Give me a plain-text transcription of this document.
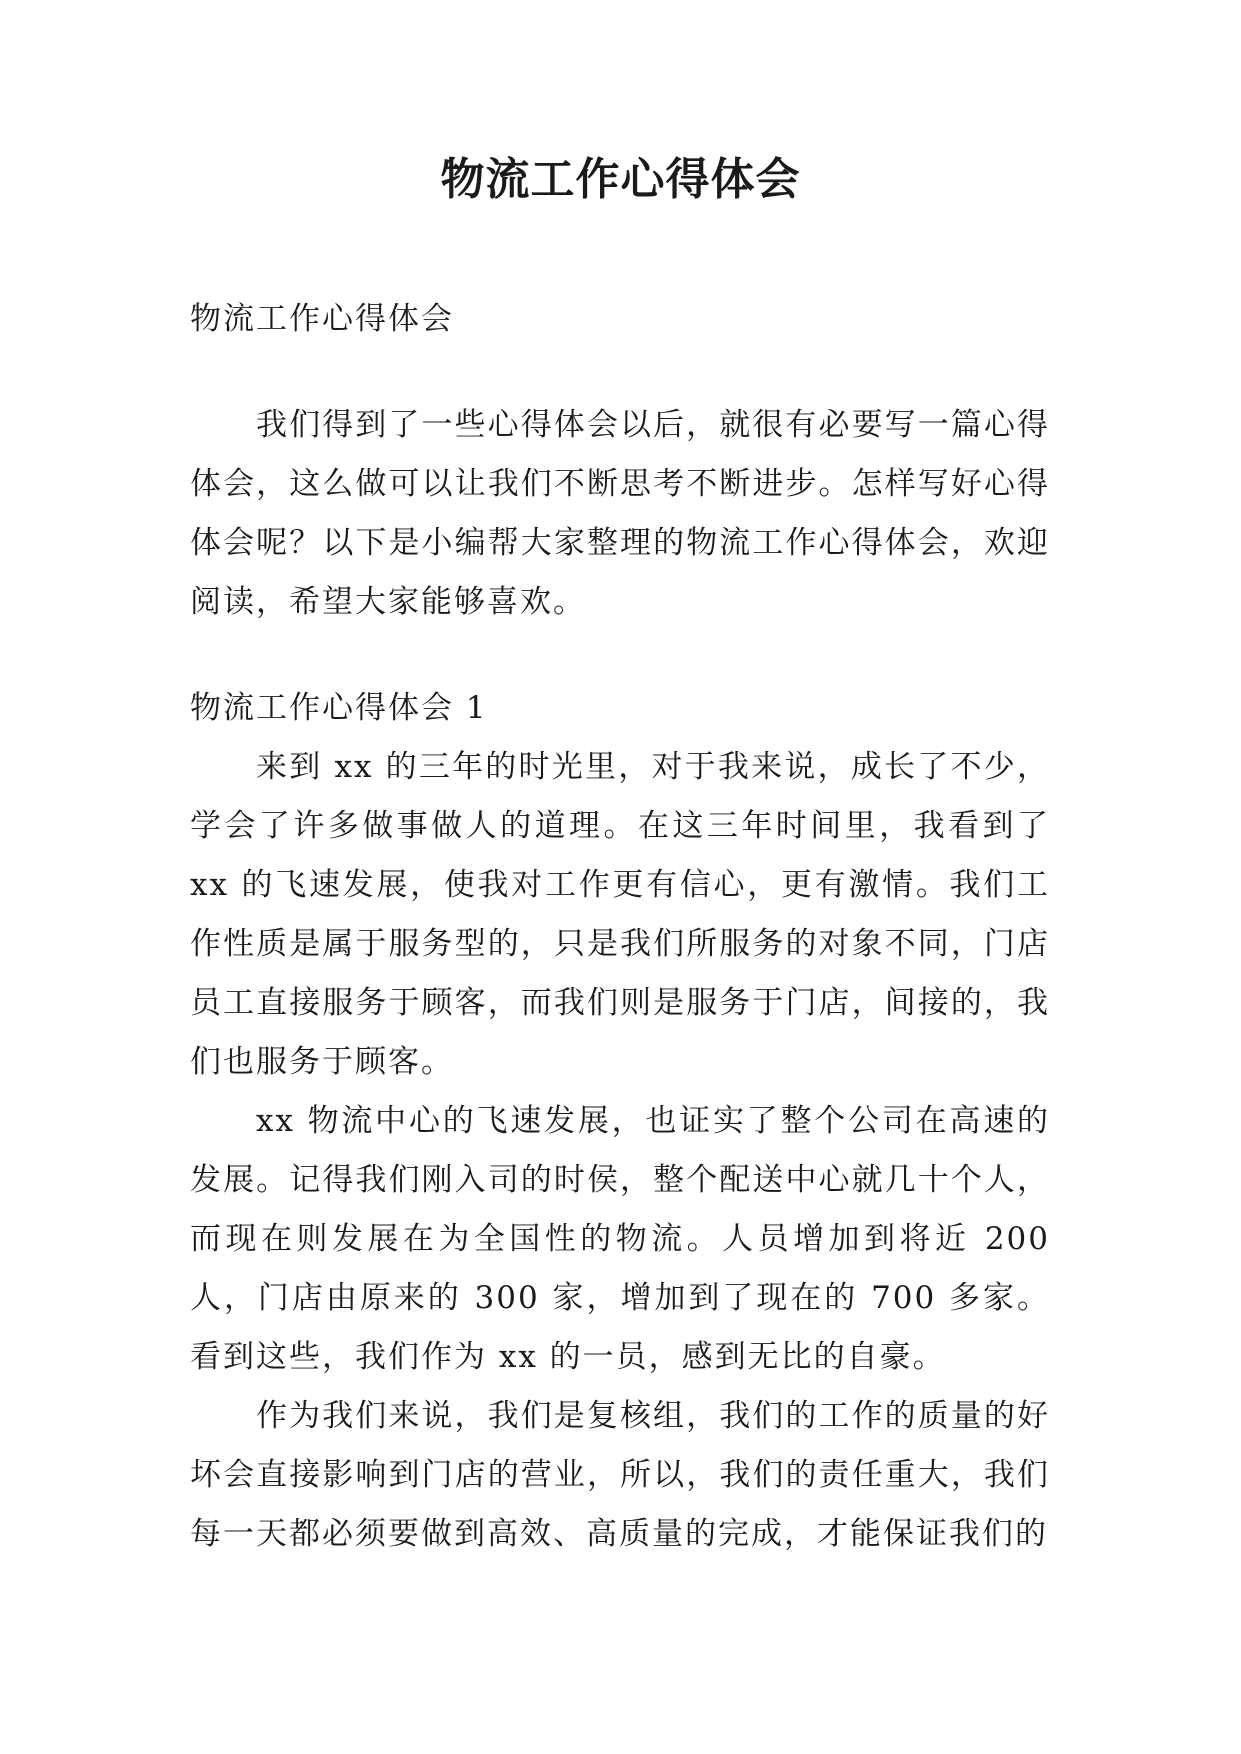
物流工作心得体会

物流工作心得体会

我们得到了一些心得体会以后，就很有必要写一篇心得体会，这么做可以让我们不断思考不断进步。怎样写好心得体会呢？以下是小编帮大家整理的物流工作心得体会，欢迎阅读，希望大家能够喜欢。

物流工作心得体会 1

来到 xx 的三年的时光里，对于我来说，成长了不少，学会了许多做事做人的道理。在这三年时间里，我看到了 xx 的飞速发展，使我对工作更有信心，更有激情。我们工作性质是属于服务型的，只是我们所服务的对象不同，门店员工直接服务于顾客，而我们则是服务于门店，间接的，我们也服务于顾客。

xx 物流中心的飞速发展，也证实了整个公司在高速的发展。记得我们刚入司的时侯，整个配送中心就几十个人，而现在则发展在为全国性的物流。人员增加到将近 200 人，门店由原来的 300 家，增加到了现在的 700 多家。看到这些，我们作为 xx 的一员，感到无比的自豪。

作为我们来说，我们是复核组，我们的工作的质量的好坏会直接影响到门店的营业，所以，我们的责任重大，我们每一天都必须要做到高效、高质量的完成，才能保证我们的
